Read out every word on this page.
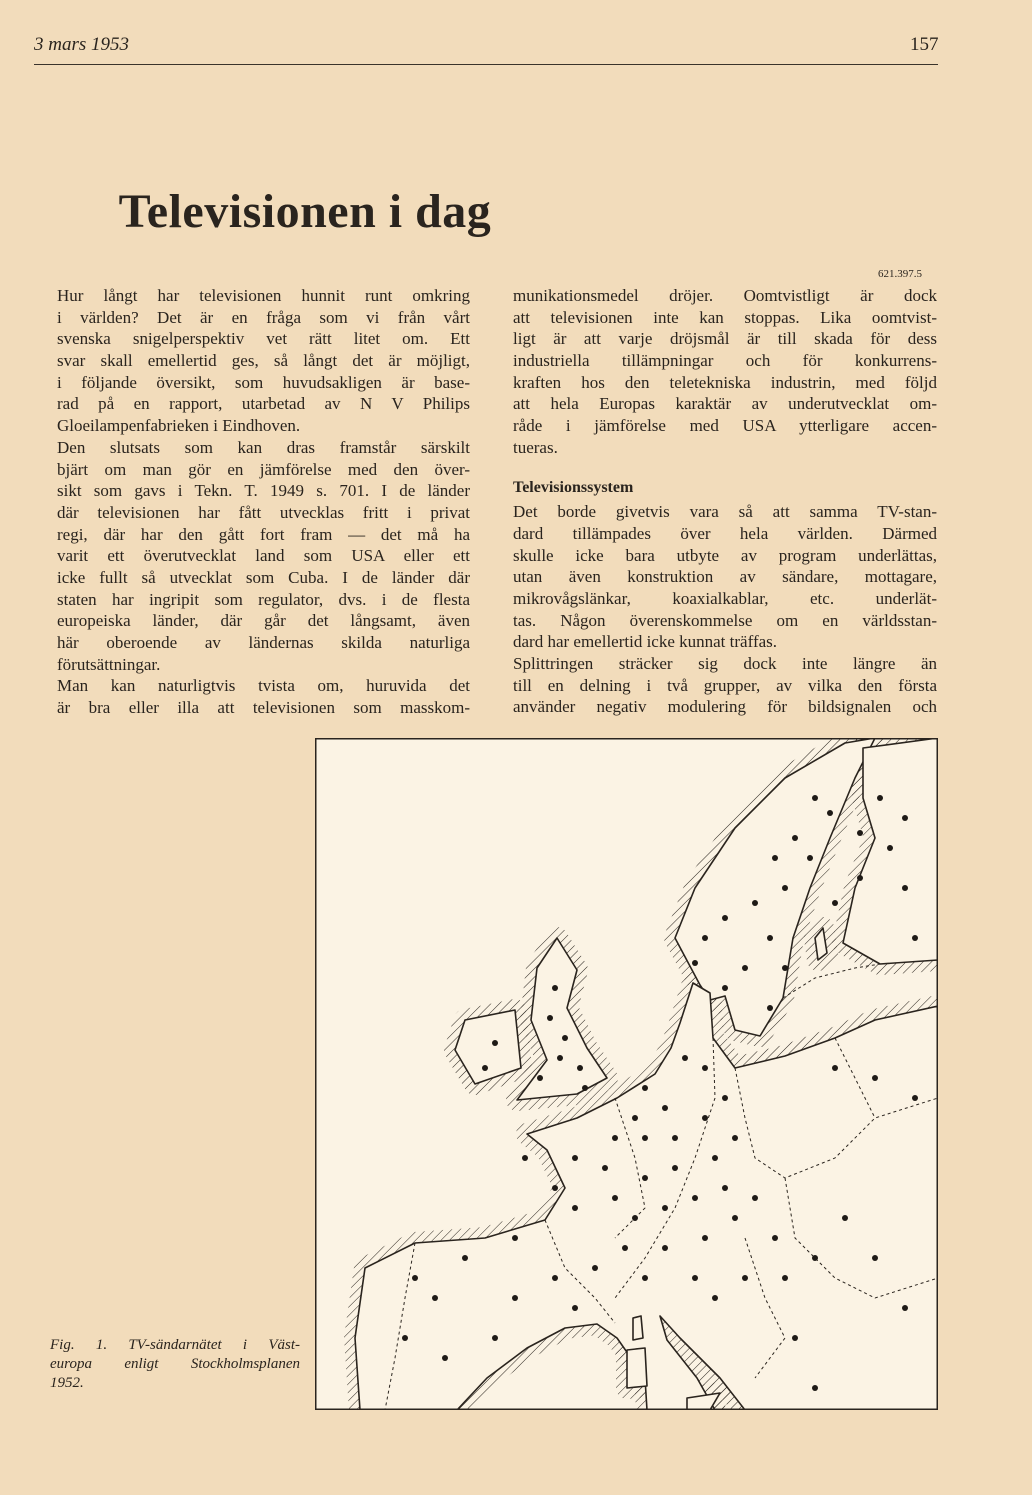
3 mars 1953	157
Televisionen i dag
621.397.5
Hur långt har televisionen hunnit runt omkring
i världen? Det är en fråga som vi från vårt
svenska snigelperspektiv vet rätt litet om. Ett
svar skall emellertid ges, så långt det är möjligt,
i följande översikt, som huvudsakligen är base-
rad på en rapport, utarbetad av N V Philips
Gloeilampenfabrieken i Eindhoven.
Den slutsats som kan dras framstår särskilt
bjärt om man gör en jämförelse med den över-
sikt som gavs i Tekn. T. 1949 s. 701. I de länder
där televisionen har fått utvecklas fritt i privat
regi, där har den gått fort fram — det må ha
varit ett överutvecklat land som USA eller ett
icke fullt så utvecklat som Cuba. I de länder där
staten har ingripit som regulator, dvs. i de flesta
europeiska länder, där går det långsamt, även
här oberoende av ländernas skilda naturliga
förutsättningar.
Man kan naturligtvis tvista om, huruvida det
är bra eller illa att televisionen som masskom-
munikationsmedel dröjer. Oomtvistligt är dock
att televisionen inte kan stoppas. Lika oomtvist-
ligt är att varje dröjsmål är till skada för dess
industriella tillämpningar och för konkurrens-
kraften hos den teletekniska industrin, med följd
att hela Europas karaktär av underutvecklat om-
råde i jämförelse med USA ytterligare accen-
tueras.
Televisionssystem
Det borde givetvis vara så att samma TV-stan-
dard tillämpades över hela världen. Därmed
skulle icke bara utbyte av program underlättas,
utan även konstruktion av sändare, mottagare,
mikrovågslänkar, koaxialkablar, etc. underlät-
tas. Någon överenskommelse om en världsstan-
dard har emellertid icke kunnat träffas.
Splittringen sträcker sig dock inte längre än
till en delning i två grupper, av vilka den första
använder negativ modulering för bildsignalen och
Fig. 1. TV-sändarnätet i Väst-
europa enligt Stockholmsplanen
1952.
